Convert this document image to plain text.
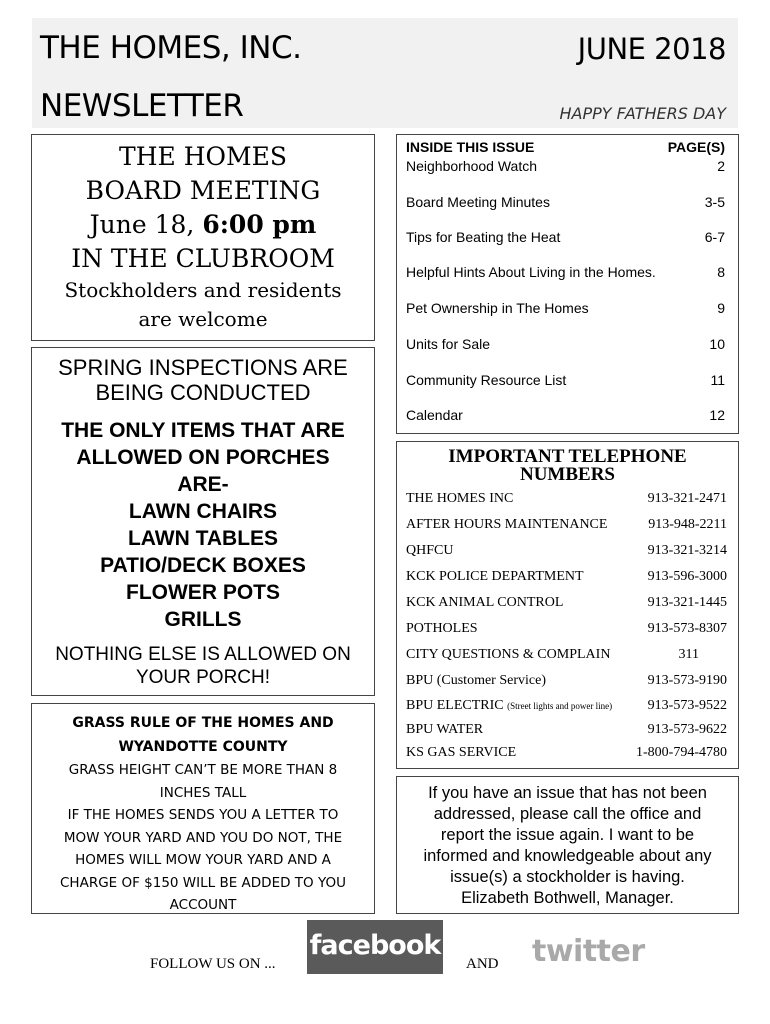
THE HOMES, INC.
NEWSLETTER
JUNE 2018
HAPPY FATHERS DAY
THE HOMES
BOARD MEETING
June 18, 6:00 pm
IN THE CLUBROOM
Stockholders and residents
are welcome
SPRING INSPECTIONS ARE
BEING CONDUCTED
THE ONLY ITEMS THAT ARE
ALLOWED ON PORCHES
ARE-
LAWN CHAIRS
LAWN TABLES
PATIO/DECK BOXES
FLOWER POTS
GRILLS
NOTHING ELSE IS ALLOWED ON
YOUR PORCH!
GRASS RULE OF THE HOMES AND
WYANDOTTE COUNTY
GRASS HEIGHT CAN’T BE MORE THAN 8
INCHES TALL
IF THE HOMES SENDS YOU A LETTER TO
MOW YOUR YARD AND YOU DO NOT, THE
HOMES WILL MOW YOUR YARD AND A
CHARGE OF $150 WILL BE ADDED TO YOU
ACCOUNT
INSIDE THIS ISSUE	PAGE(S)
Neighborhood Watch	2
Board Meeting Minutes	3-5
Tips for Beating the Heat	6-7
Helpful Hints About Living in the Homes.	8
Pet Ownership in The Homes	9
Units for Sale	10
Community Resource List	11
Calendar	12
IMPORTANT TELEPHONE
NUMBERS
THE HOMES INC	913-321-2471
AFTER HOURS MAINTENANCE	913-948-2211
QHFCU	913-321-3214
KCK POLICE DEPARTMENT	913-596-3000
KCK ANIMAL CONTROL	913-321-1445
POTHOLES	913-573-8307
CITY QUESTIONS & COMPLAIN	311
BPU (Customer Service)	913-573-9190
BPU ELECTRIC (Street lights and power line)	913-573-9522
BPU WATER	913-573-9622
KS GAS SERVICE	1-800-794-4780
If you have an issue that has not been
addressed, please call the office and
report the issue again. I want to be
informed and knowledgeable about any
issue(s) a stockholder is having.
Elizabeth Bothwell, Manager.
FOLLOW US ON ...
facebook
AND twitter
